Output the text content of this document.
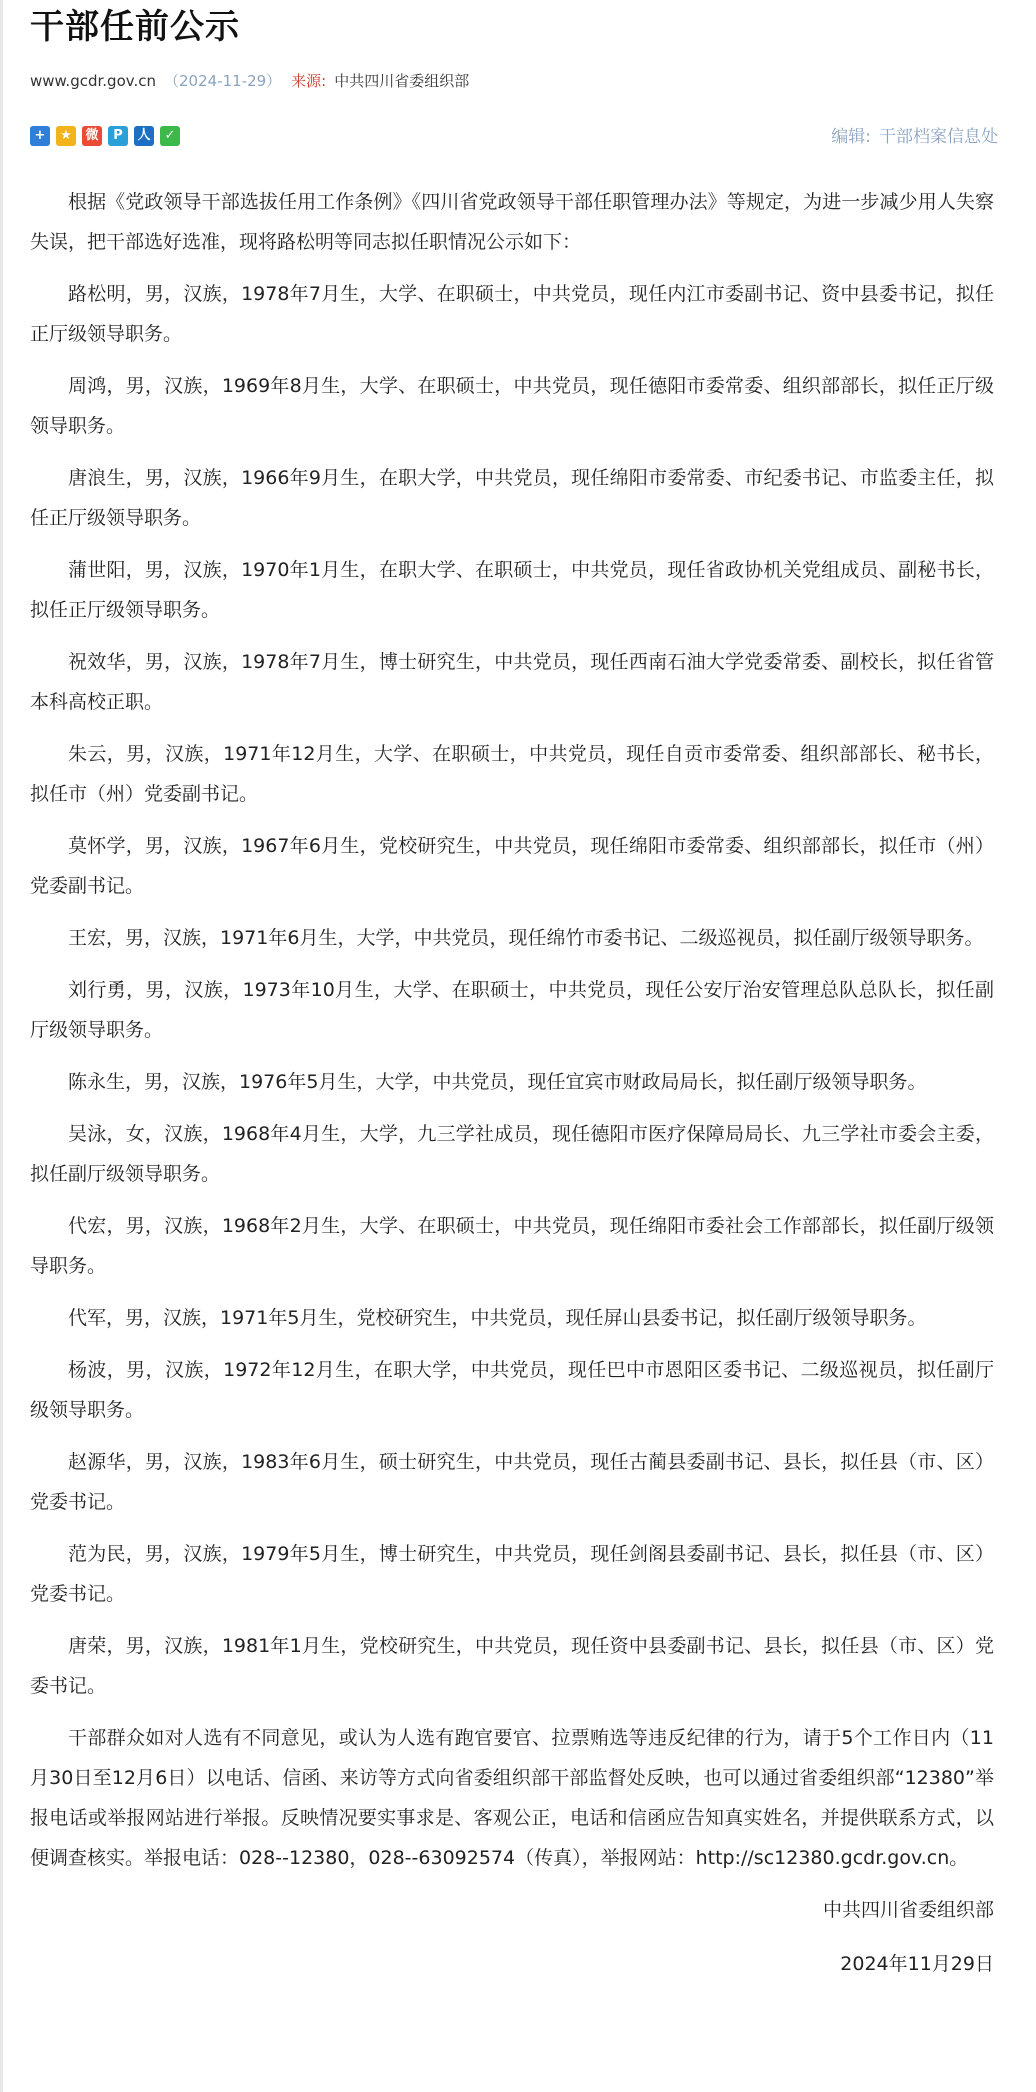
干部任前公示
www.gcdr.gov.cn （2024-11-29） 来源: 中共四川省委组织部
+	★	微	P	人	✓	编辑: 干部档案信息处

根据《党政领导干部选拔任用工作条例》《四川省党政领导干部任职管理办法》等规定，为进一步减少用人失察失误，把干部选好选准，现将路松明等同志拟任职情况公示如下：

路松明，男，汉族，1978年7月生，大学、在职硕士，中共党员，现任内江市委副书记、资中县委书记，拟任正厅级领导职务。

周鸿，男，汉族，1969年8月生，大学、在职硕士，中共党员，现任德阳市委常委、组织部部长，拟任正厅级领导职务。

唐浪生，男，汉族，1966年9月生，在职大学，中共党员，现任绵阳市委常委、市纪委书记、市监委主任，拟任正厅级领导职务。

蒲世阳，男，汉族，1970年1月生，在职大学、在职硕士，中共党员，现任省政协机关党组成员、副秘书长，拟任正厅级领导职务。

祝效华，男，汉族，1978年7月生，博士研究生，中共党员，现任西南石油大学党委常委、副校长，拟任省管本科高校正职。

朱云，男，汉族，1971年12月生，大学、在职硕士，中共党员，现任自贡市委常委、组织部部长、秘书长，拟任市（州）党委副书记。

莫怀学，男，汉族，1967年6月生，党校研究生，中共党员，现任绵阳市委常委、组织部部长，拟任市（州）党委副书记。

王宏，男，汉族，1971年6月生，大学，中共党员，现任绵竹市委书记、二级巡视员，拟任副厅级领导职务。

刘行勇，男，汉族，1973年10月生，大学、在职硕士，中共党员，现任公安厅治安管理总队总队长，拟任副厅级领导职务。

陈永生，男，汉族，1976年5月生，大学，中共党员，现任宜宾市财政局局长，拟任副厅级领导职务。

吴泳，女，汉族，1968年4月生，大学，九三学社成员，现任德阳市医疗保障局局长、九三学社市委会主委，拟任副厅级领导职务。

代宏，男，汉族，1968年2月生，大学、在职硕士，中共党员，现任绵阳市委社会工作部部长，拟任副厅级领导职务。

代军，男，汉族，1971年5月生，党校研究生，中共党员，现任屏山县委书记，拟任副厅级领导职务。

杨波，男，汉族，1972年12月生，在职大学，中共党员，现任巴中市恩阳区委书记、二级巡视员，拟任副厅级领导职务。

赵源华，男，汉族，1983年6月生，硕士研究生，中共党员，现任古蔺县委副书记、县长，拟任县（市、区）党委书记。

范为民，男，汉族，1979年5月生，博士研究生，中共党员，现任剑阁县委副书记、县长，拟任县（市、区）党委书记。

唐荣，男，汉族，1981年1月生，党校研究生，中共党员，现任资中县委副书记、县长，拟任县（市、区）党委书记。

干部群众如对人选有不同意见，或认为人选有跑官要官、拉票贿选等违反纪律的行为，请于5个工作日内（11月30日至12月6日）以电话、信函、来访等方式向省委组织部干部监督处反映，也可以通过省委组织部“12380”举报电话或举报网站进行举报。反映情况要实事求是、客观公正，电话和信函应告知真实姓名，并提供联系方式，以便调查核实。举报电话：028--12380，028--63092574（传真），举报网站：http://sc12380.gcdr.gov.cn。

中共四川省委组织部

2024年11月29日
